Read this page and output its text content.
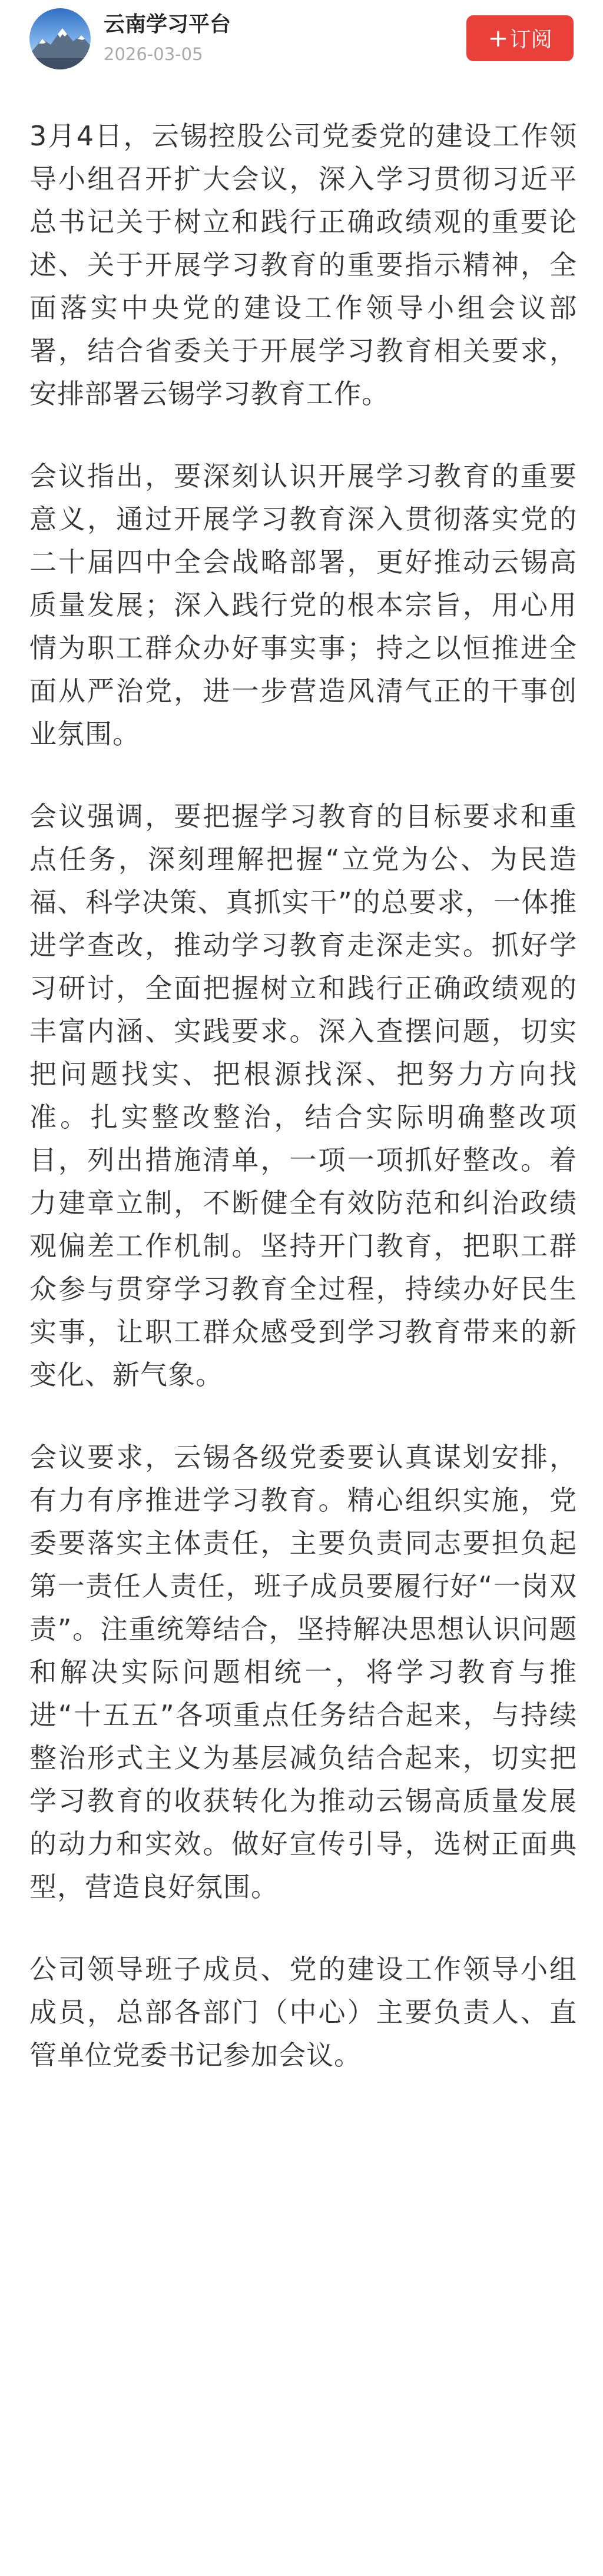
云南学习平台
2026-03-05
+订阅

3月4日，云锡控股公司党委党的建设工作领导小组召开扩大会议，深入学习贯彻习近平总书记关于树立和践行正确政绩观的重要论述、关于开展学习教育的重要指示精神，全面落实中央党的建设工作领导小组会议部署，结合省委关于开展学习教育相关要求，安排部署云锡学习教育工作。

会议指出，要深刻认识开展学习教育的重要意义，通过开展学习教育深入贯彻落实党的二十届四中全会战略部署，更好推动云锡高质量发展；深入践行党的根本宗旨，用心用情为职工群众办好事实事；持之以恒推进全面从严治党，进一步营造风清气正的干事创业氛围。

会议强调，要把握学习教育的目标要求和重点任务，深刻理解把握“立党为公、为民造福、科学决策、真抓实干”的总要求，一体推进学查改，推动学习教育走深走实。抓好学习研讨，全面把握树立和践行正确政绩观的丰富内涵、实践要求。深入查摆问题，切实把问题找实、把根源找深、把努力方向找准。扎实整改整治，结合实际明确整改项目，列出措施清单，一项一项抓好整改。着力建章立制，不断健全有效防范和纠治政绩观偏差工作机制。坚持开门教育，把职工群众参与贯穿学习教育全过程，持续办好民生实事，让职工群众感受到学习教育带来的新变化、新气象。

会议要求，云锡各级党委要认真谋划安排，有力有序推进学习教育。精心组织实施，党委要落实主体责任，主要负责同志要担负起第一责任人责任，班子成员要履行好“一岗双责”。注重统筹结合，坚持解决思想认识问题和解决实际问题相统一，将学习教育与推进“十五五”各项重点任务结合起来，与持续整治形式主义为基层减负结合起来，切实把学习教育的收获转化为推动云锡高质量发展的动力和实效。做好宣传引导，选树正面典型，营造良好氛围。

公司领导班子成员、党的建设工作领导小组成员，总部各部门（中心）主要负责人、直管单位党委书记参加会议。
